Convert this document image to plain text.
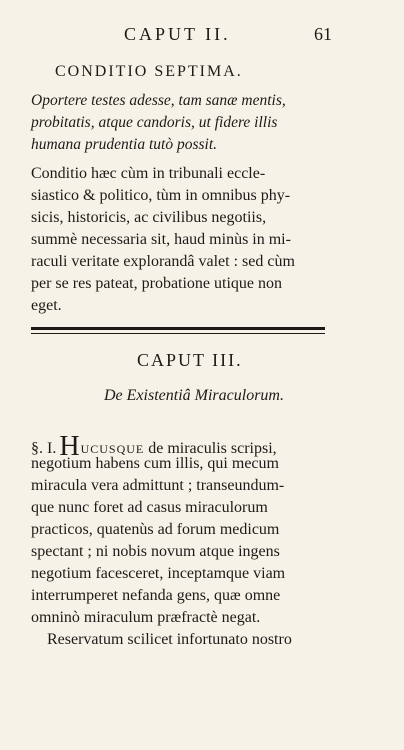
CAPUT II.	61
CONDITIO SEPTIMA.
Oportere testes adesse, tam sanæ mentis,
probitatis, atque candoris, ut fidere illis
humana prudentia tutò possit.
Conditio hæc cùm in tribunali eccle-
siastico & politico, tùm in omnibus phy-
sicis, historicis, ac civilibus negotiis,
summè necessaria sit, haud minùs in mi-
raculi veritate explorandâ valet : sed cùm
per se res pateat, probatione utique non
eget.
CAPUT III.
De Existentiâ Miraculorum.
§. I. HUCUSQUE de miraculis scripsi,
negotium habens cum illis, qui mecum
miracula vera admittunt ; transeundum-
que nunc foret ad casus miraculorum
practicos, quatenùs ad forum medicum
spectant ; ni nobis novum atque ingens
negotium facesceret, inceptamque viam
interrumperet nefanda gens, quæ omne
omninò miraculum præfractè negat.
Reservatum scilicet infortunato nostro
